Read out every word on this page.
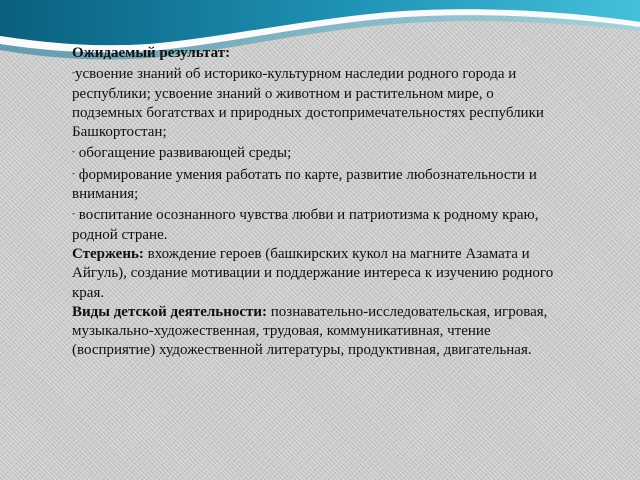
Ожидаемый результат:

-усвоение знаний об историко-культурном наследии родного города и республики; усвоение знаний о животном и растительном мире, о подземных богатствах и природных достопримечательностях республики Башкортостан;

- обогащение развивающей среды;

- формирование умения работать по карте, развитие любознательности и внимания;

- воспитание осознанного чувства любви и патриотизма к родному краю, родной стране.

Стержень: вхождение героев (башкирских кукол на магните Азамата и Айгуль), создание мотивации и поддержание интереса к изучению родного края.

Виды детской деятельности: познавательно-исследовательская, игровая, музыкально-художественная, трудовая, коммуникативная, чтение (восприятие) художественной литературы, продуктивная, двигательная.
